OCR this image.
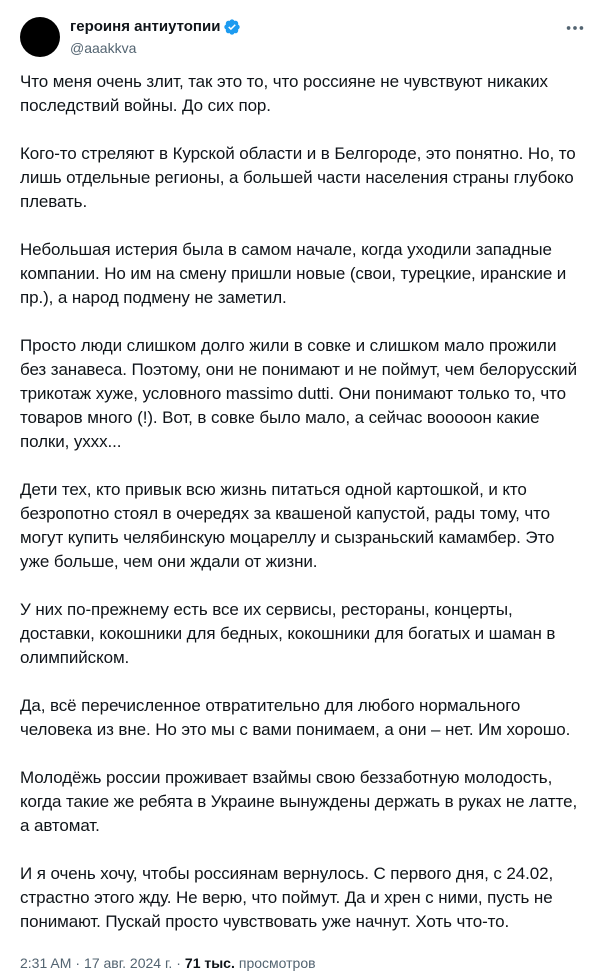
героиня антиутопии
@aaakkva

Что меня очень злит, так это то, что россияне не чувствуют никаких последствий войны. До сих пор.

Кого-то стреляют в Курской области и в Белгороде, это понятно. Но, то лишь отдельные регионы, а большей части населения страны глубоко плевать.

Небольшая истерия была в самом начале, когда уходили западные компании. Но им на смену пришли новые (свои, турецкие, иранские и пр.), а народ подмену не заметил.

Просто люди слишком долго жили в совке и слишком мало прожили без занавеса. Поэтому, они не понимают и не поймут, чем белорусский трикотаж хуже, условного massimo dutti. Они понимают только то, что товаров много (!). Вот, в совке было мало, а сейчас вооооон какие полки, ухxx...

Дети тех, кто привык всю жизнь питаться одной картошкой, и кто безропотно стоял в очередях за квашеной капустой, рады тому, что могут купить челябинскую моцареллу и сызраньский камамбер. Это уже больше, чем они ждали от жизни.

У них по-прежнему есть все их сервисы, рестораны, концерты, доставки, кокошники для бедных, кокошники для богатых и шаман в олимпийском.

Да, всё перечисленное отвратительно для любого нормального человека из вне. Но это мы с вами понимаем, а они – нет. Им хорошо.

Молодёжь россии проживает взаймы свою беззаботную молодость, когда такие же ребята в Украине вынуждены держать в руках не латте, а автомат.

И я очень хочу, чтобы россиянам вернулось. С первого дня, с 24.02, страстно этого жду. Не верю, что поймут. Да и хрен с ними, пусть не понимают. Пускай просто чувствовать уже начнут. Хоть что-то.

2:31 AM · 17 авг. 2024 г. · 71 тыс. просмотров
